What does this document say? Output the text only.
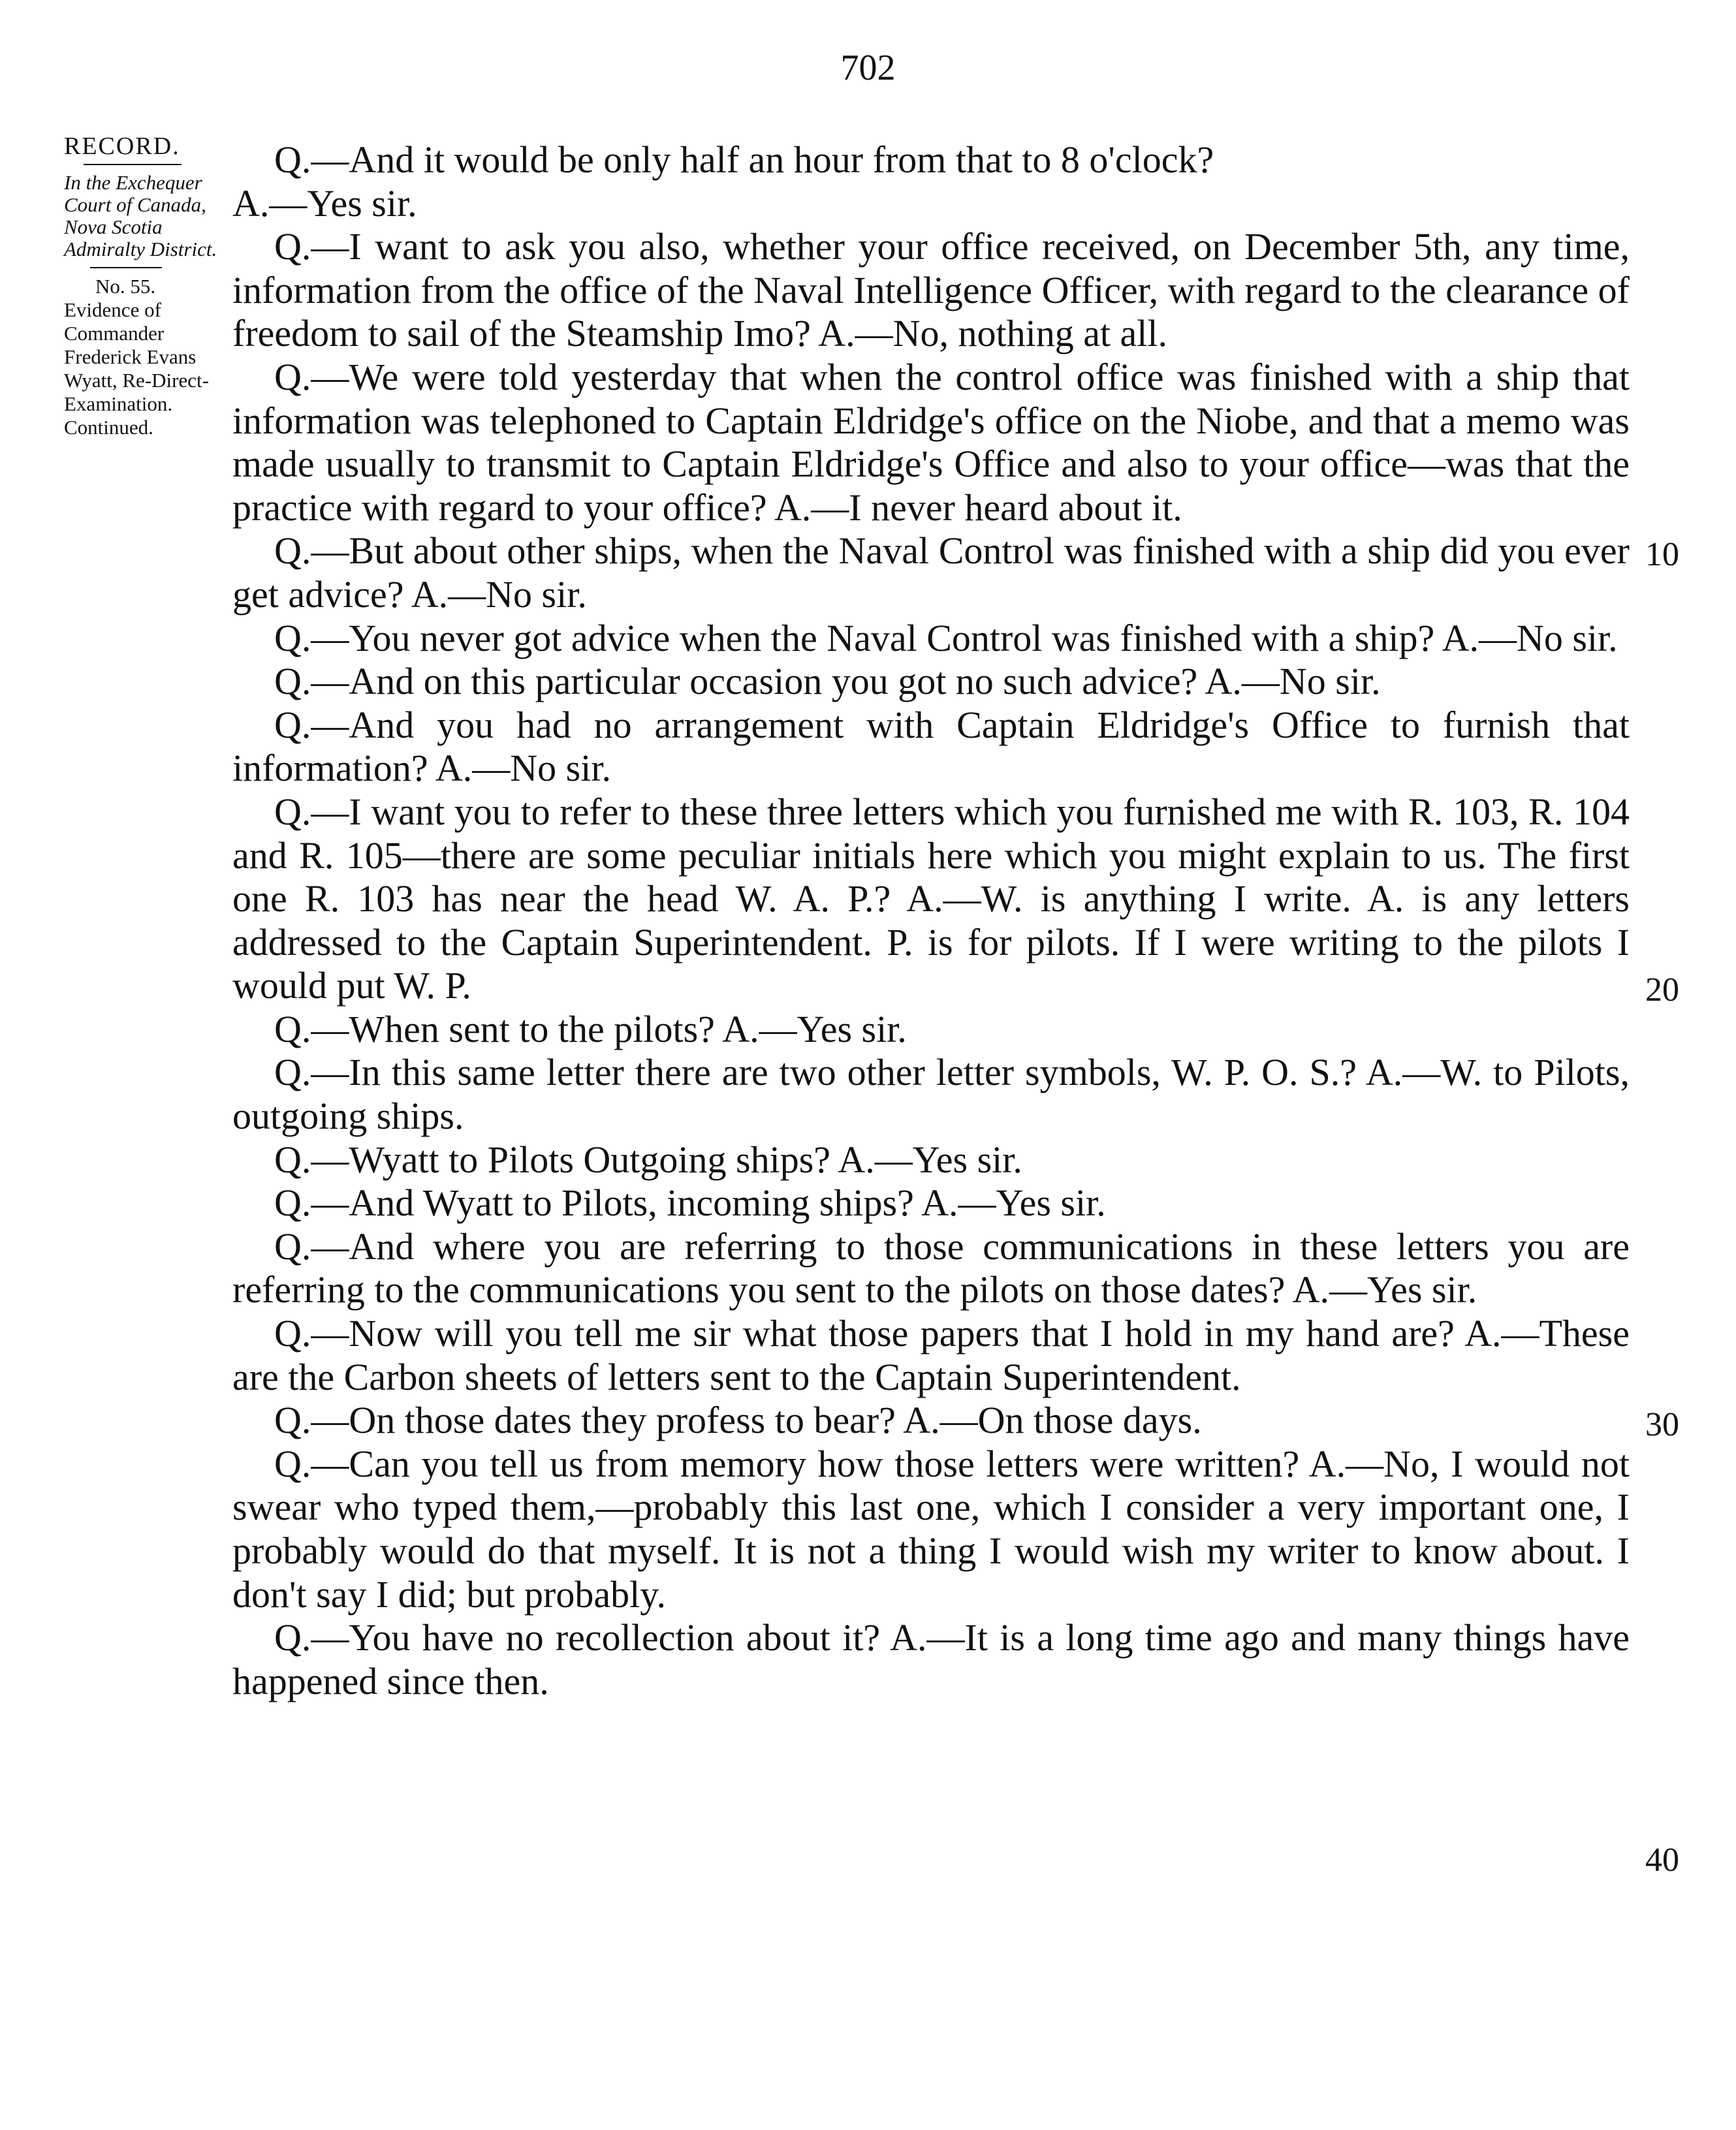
702
RECORD.
In the Exchequer Court of Canada, Nova Scotia Admiralty District.
No. 55.
Evidence of Commander Frederick Evans Wyatt, Re-Direct-Examination. Continued.

Q.—And it would be only half an hour from that to 8 o'clock?

A.—Yes sir.

Q.—I want to ask you also, whether your office received, on December 5th, any time, information from the office of the Naval Intelligence Officer, with regard to the clearance of freedom to sail of the Steamship Imo? A.—No, nothing at all.

Q.—We were told yesterday that when the control office was finished with a ship that information was telephoned to Captain Eldridge's office on the Niobe, and that a memo was made usually to transmit to Captain Eldridge's Office and also to your office—was that the practice with regard to your office? A.—I never heard about it.

Q.—But about other ships, when the Naval Control was finished with a ship did you ever get advice? A.—No sir.

Q.—You never got advice when the Naval Control was finished with a ship? A.—No sir.

Q.—And on this particular occasion you got no such advice? A.—No sir.

Q.—And you had no arrangement with Captain Eldridge's Office to furnish that information? A.—No sir.

Q.—I want you to refer to these three letters which you furnished me with R. 103, R. 104 and R. 105—there are some peculiar initials here which you might explain to us. The first one R. 103 has near the head W. A. P.? A.—W. is anything I write. A. is any letters addressed to the Captain Superintendent. P. is for pilots. If I were writing to the pilots I would put W. P.

Q.—When sent to the pilots? A.—Yes sir.

Q.—In this same letter there are two other letter symbols, W. P. O. S.? A.—W. to Pilots, outgoing ships.

Q.—Wyatt to Pilots Outgoing ships? A.—Yes sir.

Q.—And Wyatt to Pilots, incoming ships? A.—Yes sir.

Q.—And where you are referring to those communications in these letters you are referring to the communications you sent to the pilots on those dates? A.—Yes sir.

Q.—Now will you tell me sir what those papers that I hold in my hand are? A.—These are the Carbon sheets of letters sent to the Captain Superintendent.

Q.—On those dates they profess to bear? A.—On those days.

Q.—Can you tell us from memory how those letters were written? A.—No, I would not swear who typed them,—probably this last one, which I consider a very important one, I probably would do that myself. It is not a thing I would wish my writer to know about. I don't say I did; but probably.

Q.—You have no recollection about it? A.—It is a long time ago and many things have happened since then.

10
20
30
40
